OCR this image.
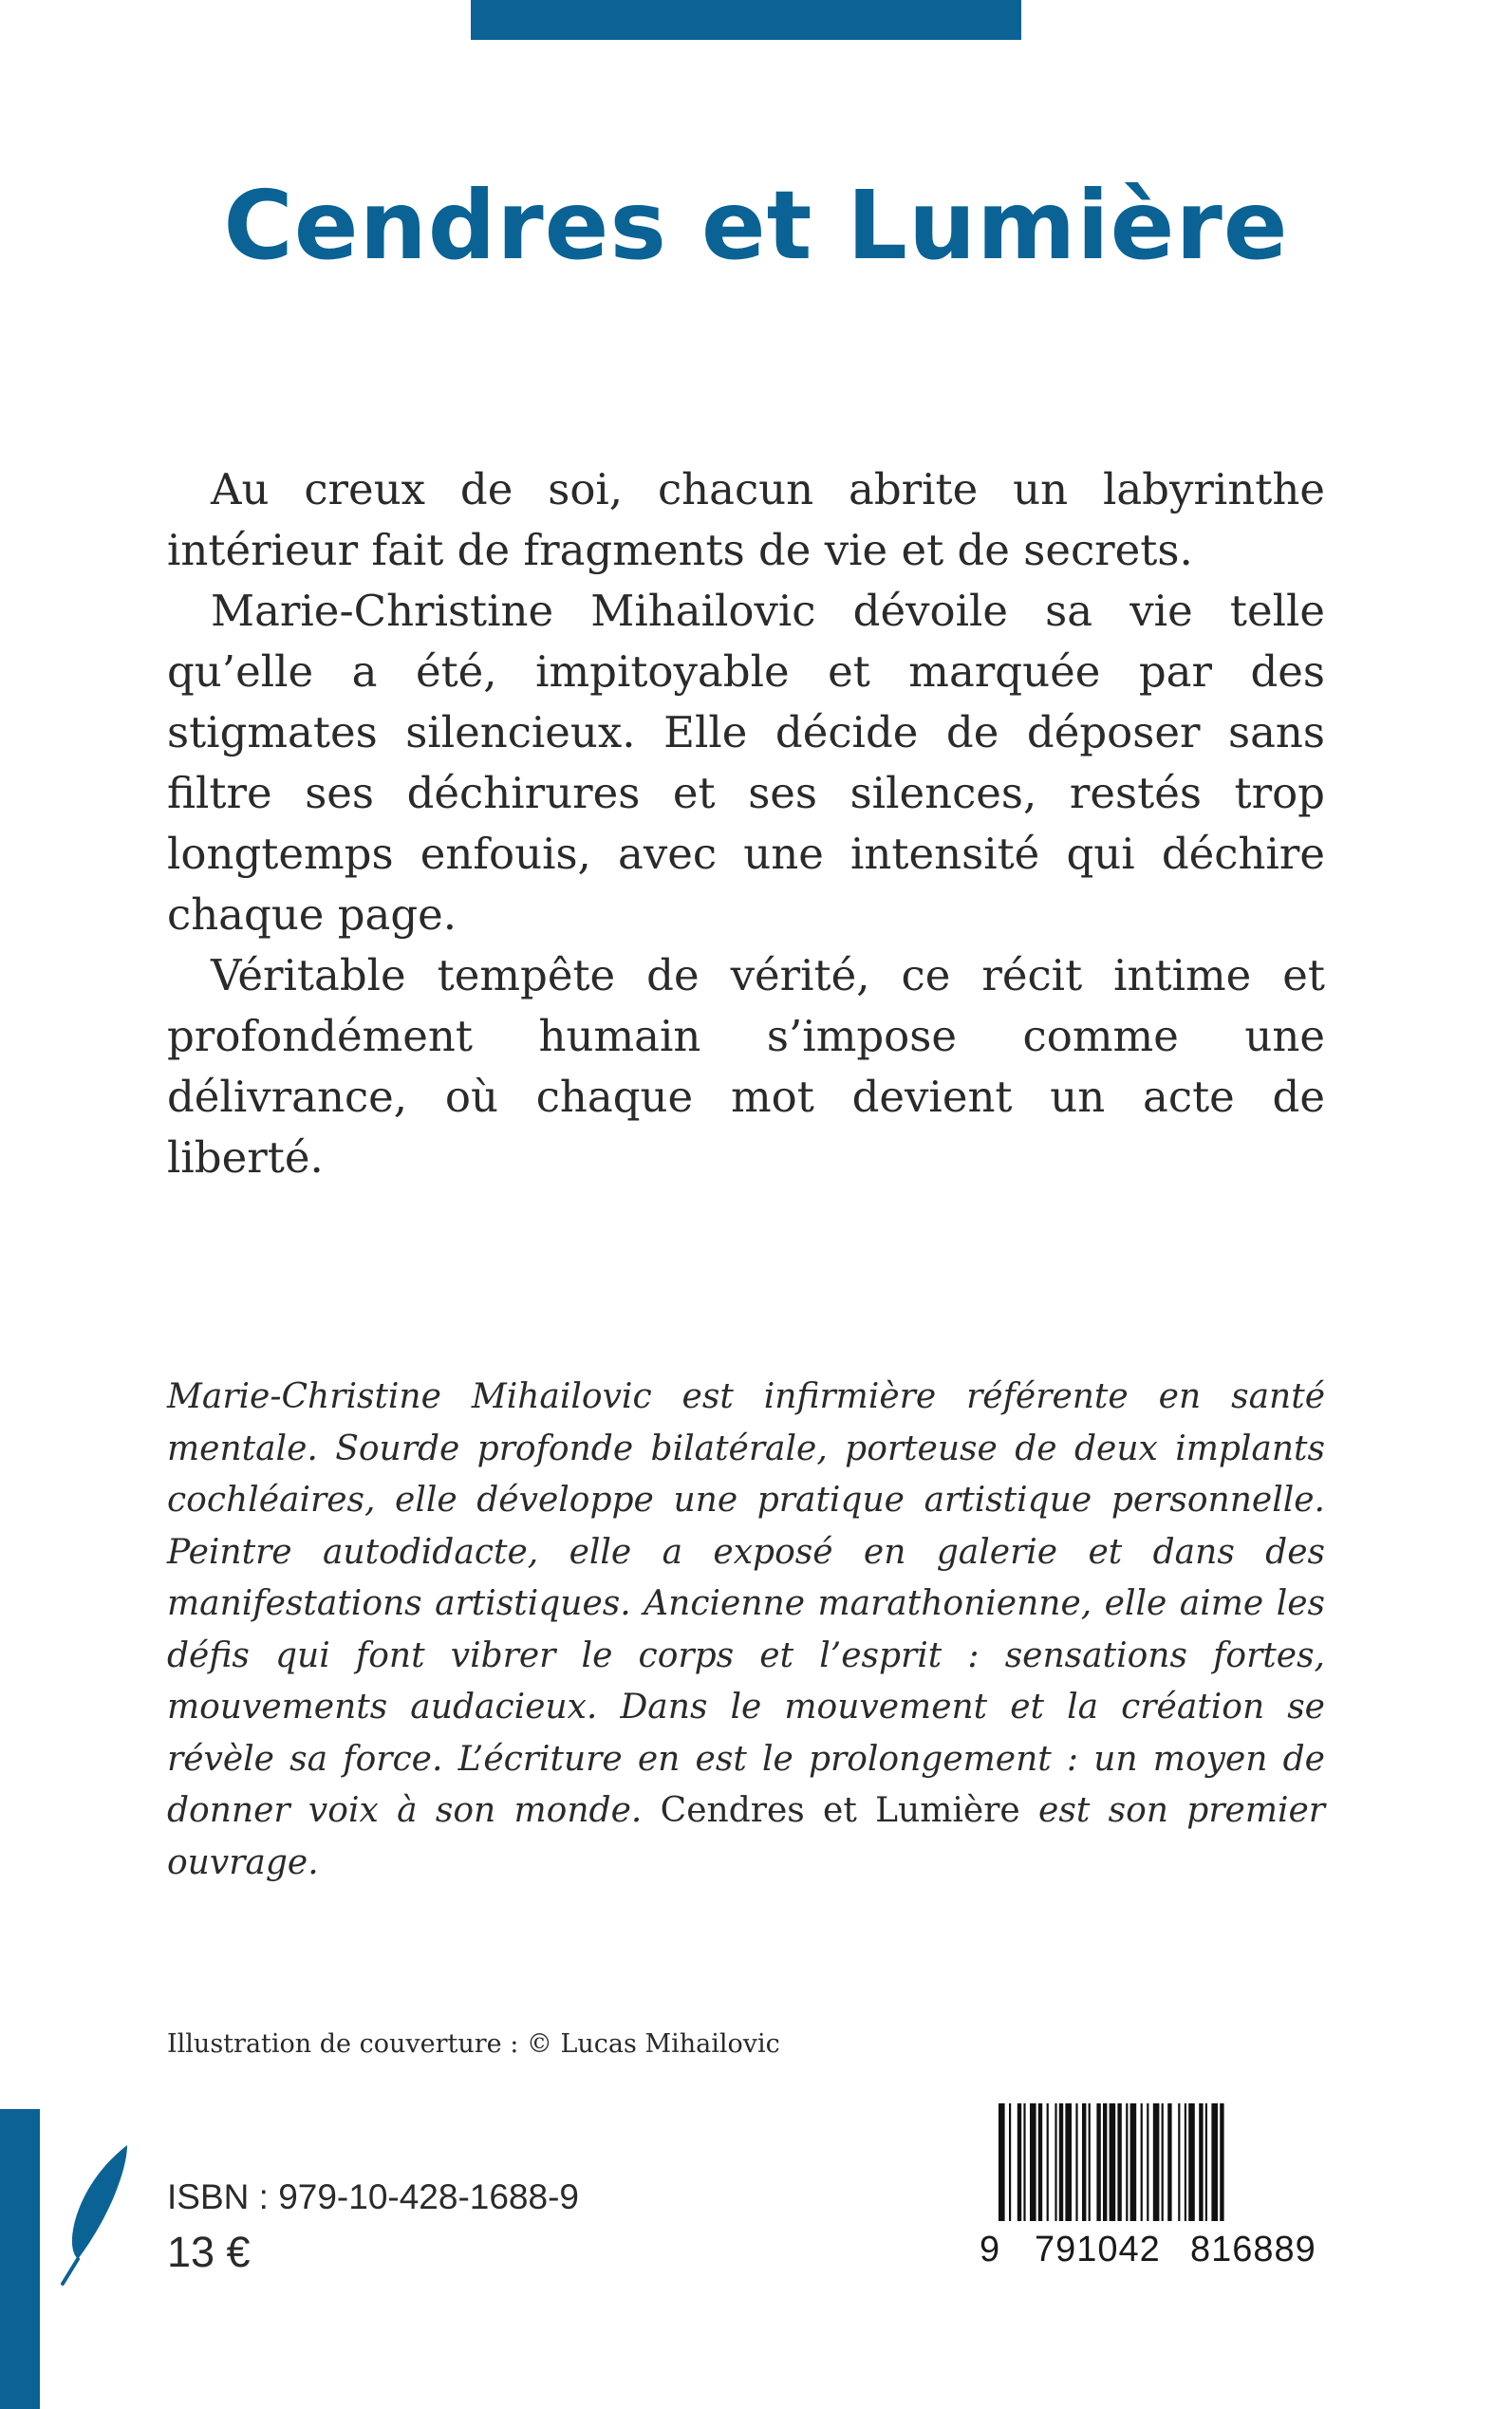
Cendres et Lumière

Au creux de soi, chacun abrite un labyrinthe intérieur fait de fragments de vie et de secrets.

Marie-Christine Mihailovic dévoile sa vie telle qu’elle a été, impitoyable et marquée par des stigmates silencieux. Elle décide de déposer sans filtre ses déchirures et ses silences, restés trop longtemps enfouis, avec une intensité qui déchire chaque page.

Véritable tempête de vérité, ce récit intime et profondément humain s’impose comme une délivrance, où chaque mot devient un acte de liberté.

Marie-Christine Mihailovic est infirmière référente en santé mentale. Sourde profonde bilatérale, porteuse de deux implants cochléaires, elle développe une pratique artistique personnelle. Peintre autodidacte, elle a exposé en galerie et dans des manifestations artistiques. Ancienne marathonienne, elle aime les défis qui font vibrer le corps et l’esprit : sensations fortes, mouvements audacieux. Dans le mouvement et la création se révèle sa force. L’écriture en est le prolongement : un moyen de donner voix à son monde. Cendres et Lumière est son premier ouvrage.

Illustration de couverture : © Lucas Mihailovic

ISBN : 979-10-428-1688-9

13 €	9 791042 816889
